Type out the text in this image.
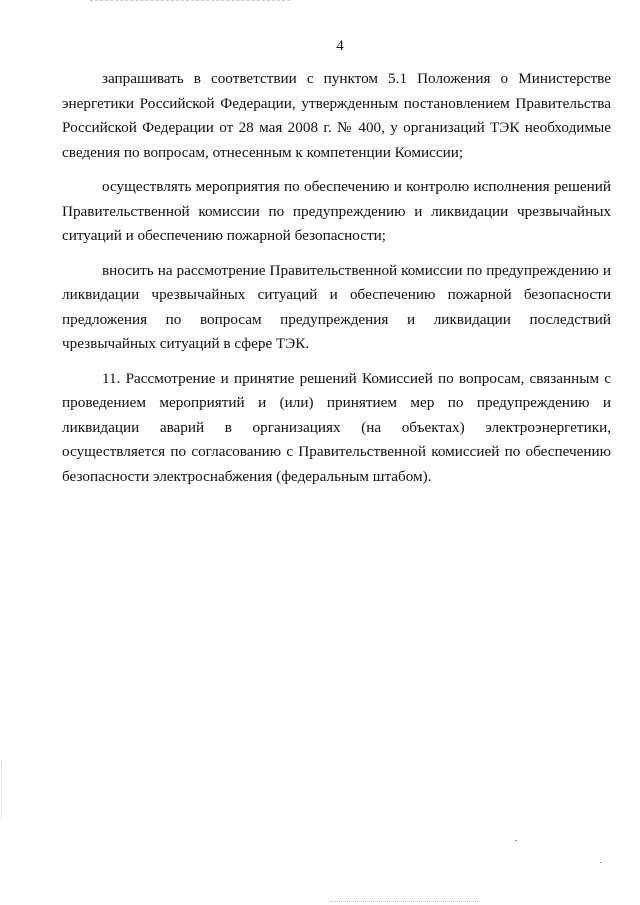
4

запрашивать в соответствии с пунктом 5.1 Положения о Министерстве энергетики Российской Федерации, утвержденным постановлением Правительства Российской Федерации от 28 мая 2008 г. № 400, у организаций ТЭК необходимые сведения по вопросам, отнесенным к компетенции Комиссии;

осуществлять мероприятия по обеспечению и контролю исполнения решений Правительственной комиссии по предупреждению и ликвидации чрезвычайных ситуаций и обеспечению пожарной безопасности;

вносить на рассмотрение Правительственной комиссии по предупреждению и ликвидации чрезвычайных ситуаций и обеспечению пожарной безопасности предложения по вопросам предупреждения и ликвидации последствий чрезвычайных ситуаций в сфере ТЭК.

11. Рассмотрение и принятие решений Комиссией по вопросам, связанным с проведением мероприятий и (или) принятием мер по предупреждению и ликвидации аварий в организациях (на объектах) электроэнергетики, осуществляется по согласованию с Правительственной комиссией по обеспечению безопасности электроснабжения (федеральным штабом).
